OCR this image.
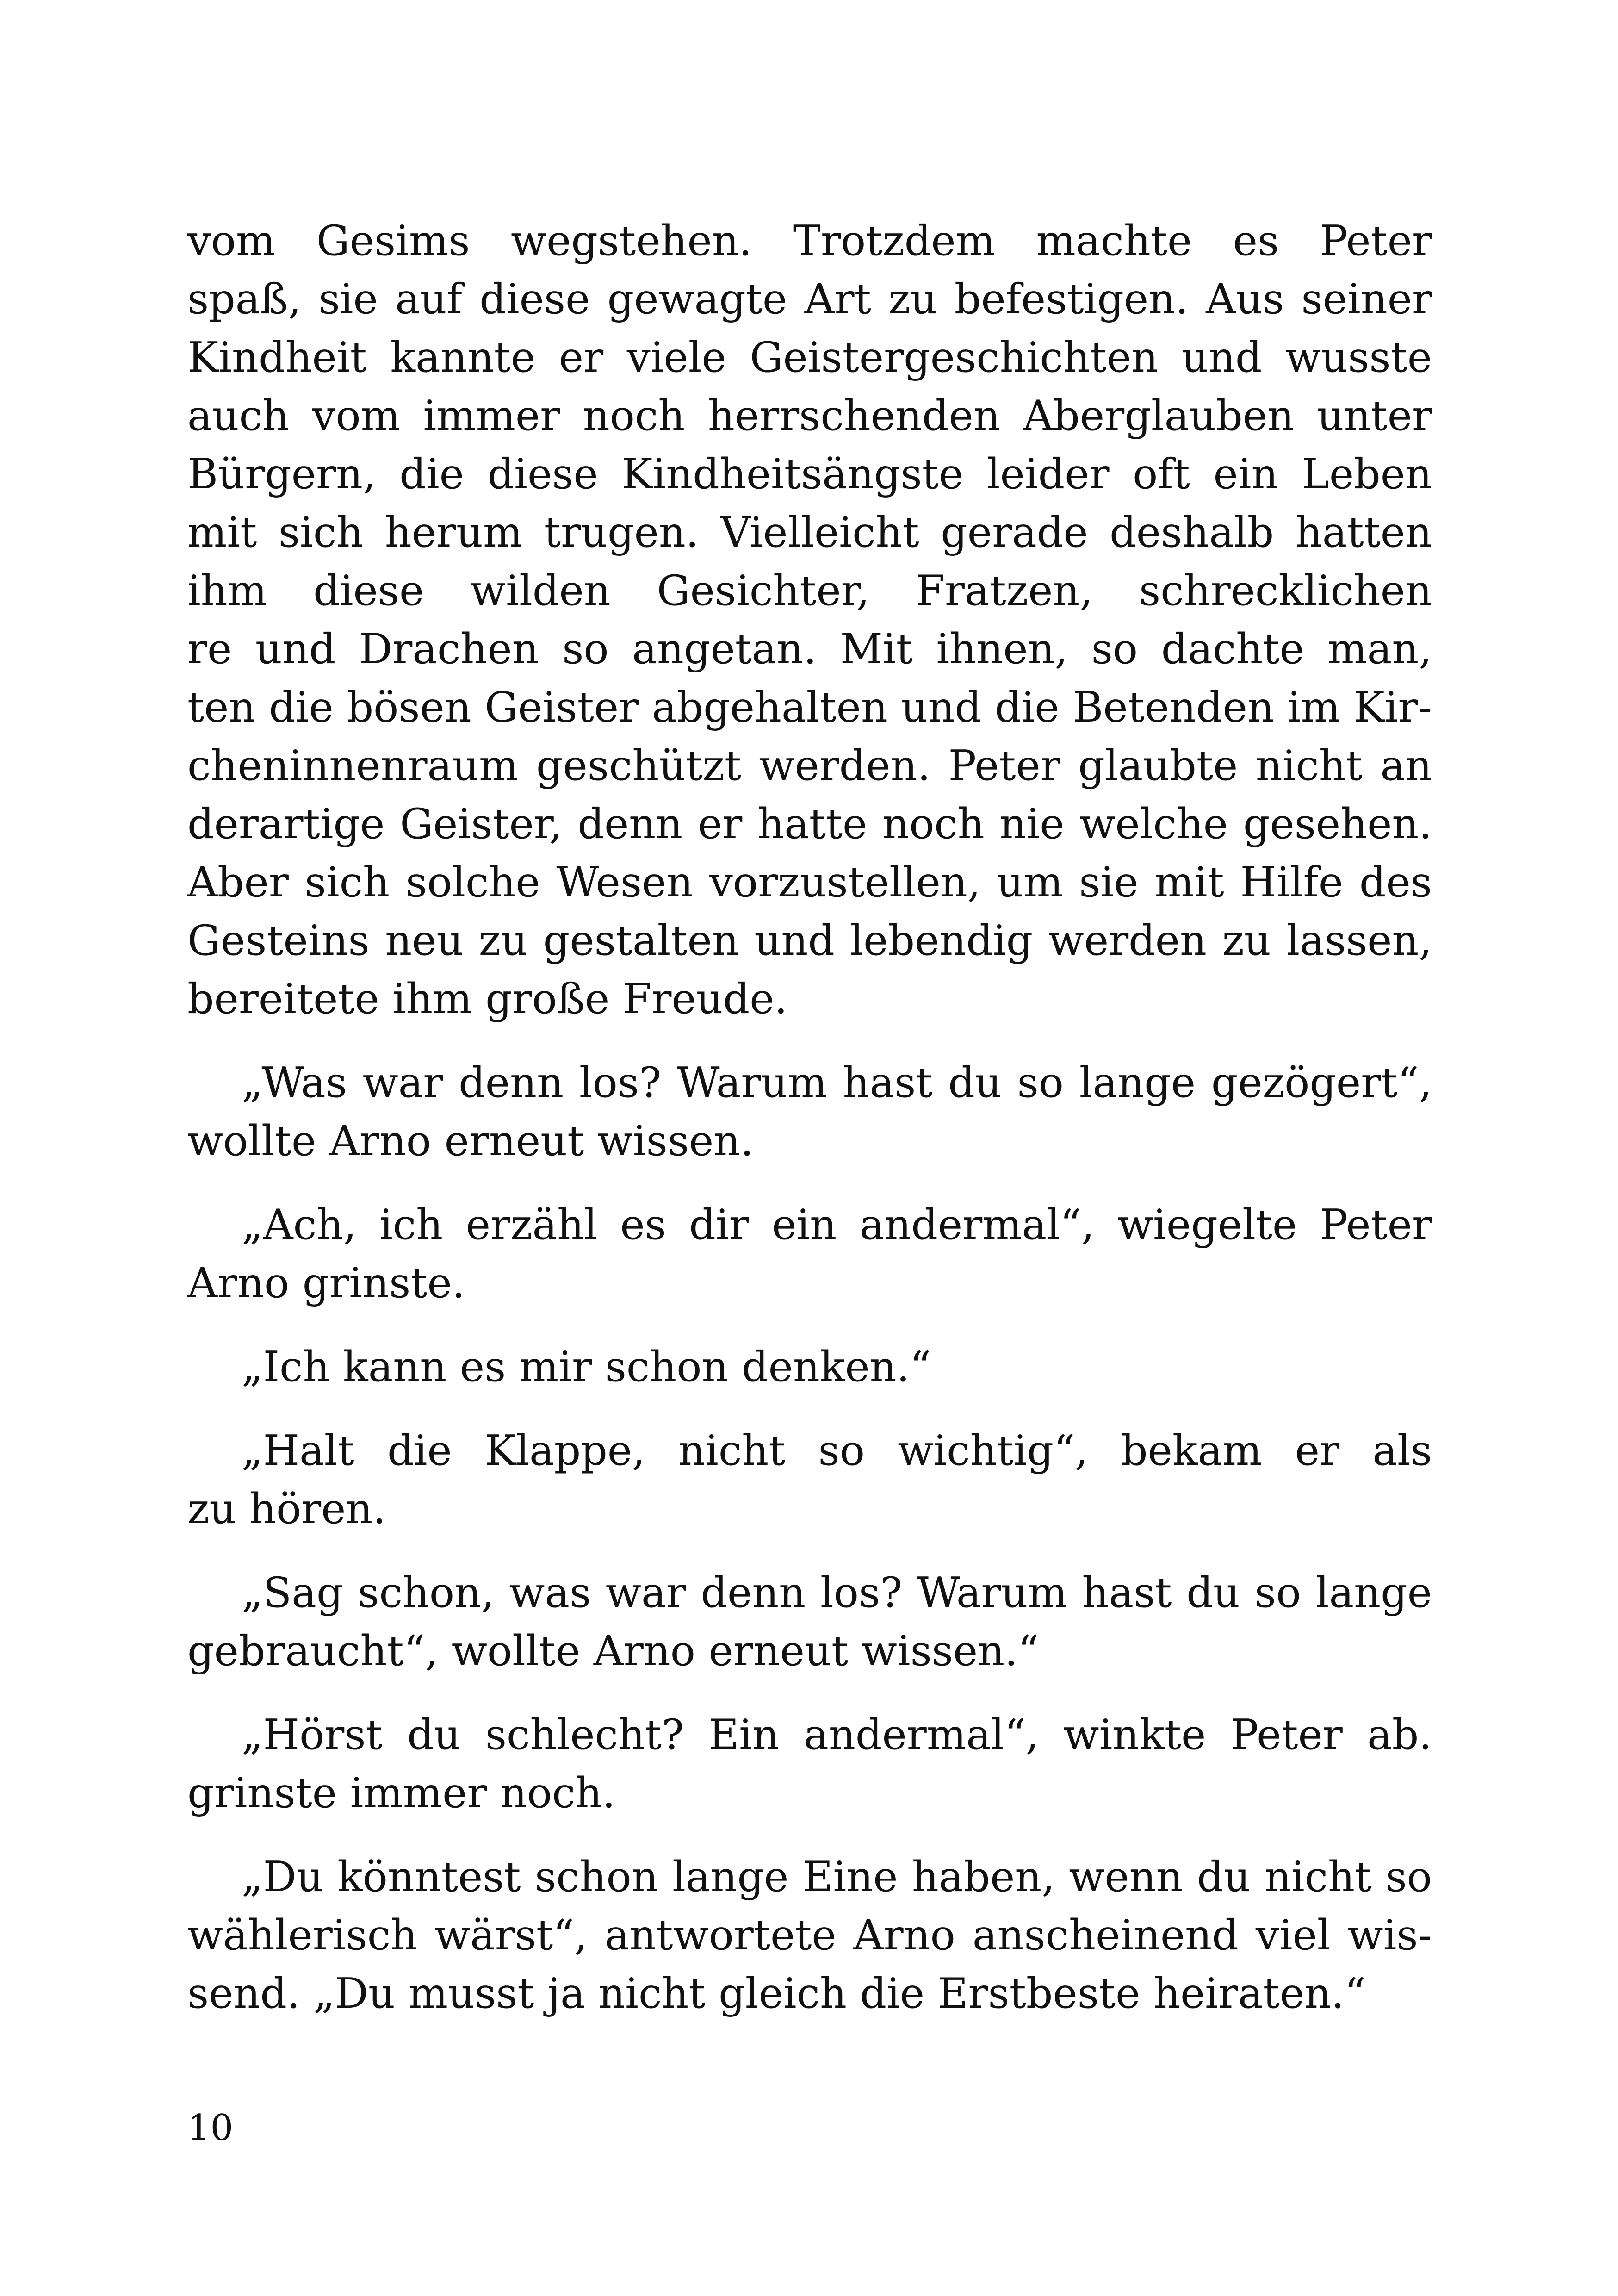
vom Gesims wegstehen. Trotzdem machte es Peter
spaß, sie auf diese gewagte Art zu befestigen. Aus seiner
Kindheit kannte er viele Geistergeschichten und wusste
auch vom immer noch herrschenden Aberglauben unter
Bürgern, die diese Kindheitsängste leider oft ein Leben
mit sich herum trugen. Vielleicht gerade deshalb hatten
ihm diese wilden Gesichter, Fratzen, schrecklichen
re und Drachen so angetan. Mit ihnen, so dachte man,
ten die bösen Geister abgehalten und die Betenden im Kir-
cheninnenraum geschützt werden. Peter glaubte nicht an
derartige Geister, denn er hatte noch nie welche gesehen.
Aber sich solche Wesen vorzustellen, um sie mit Hilfe des
Gesteins neu zu gestalten und lebendig werden zu lassen,
bereitete ihm große Freude.
„Was war denn los? Warum hast du so lange gezögert“,
wollte Arno erneut wissen.
„Ach, ich erzähl es dir ein andermal“, wiegelte Peter
Arno grinste.
„Ich kann es mir schon denken.“
„Halt die Klappe, nicht so wichtig“, bekam er als
zu hören.
„Sag schon, was war denn los? Warum hast du so lange
gebraucht“, wollte Arno erneut wissen.“
„Hörst du schlecht? Ein andermal“, winkte Peter ab.
grinste immer noch.
„Du könntest schon lange Eine haben, wenn du nicht so
wählerisch wärst“, antwortete Arno anscheinend viel wis-
send. „Du musst ja nicht gleich die Erstbeste heiraten.“
10
